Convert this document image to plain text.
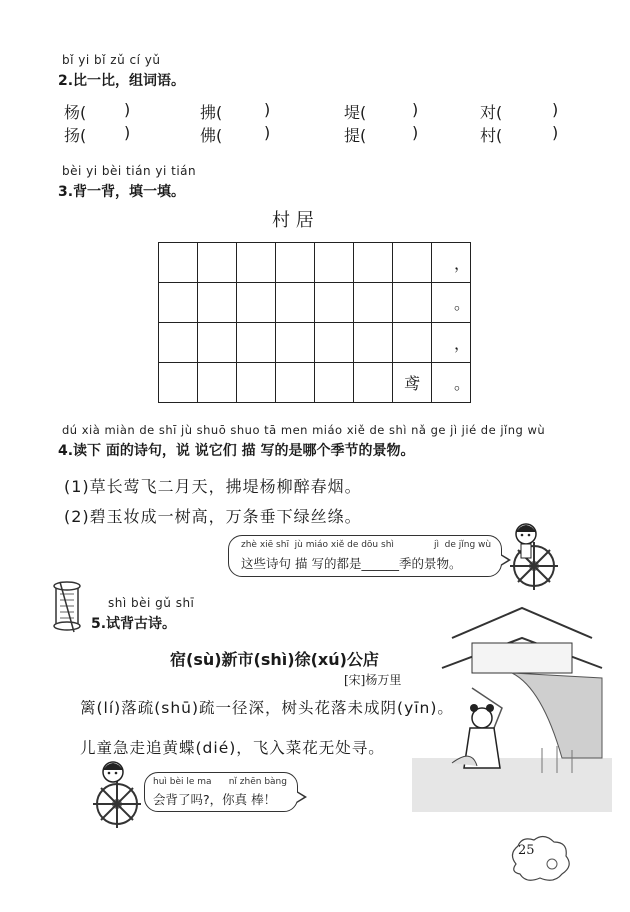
bǐ yi bǐ zǔ cí yǔ
2.比一比，组词语。
杨( )	拂(	)	堤(	)	对(	)
扬( )	佛(	)	提(	)	村(	)
bèi yi bèi tián yi tián
3.背一背，填一填。
村 居
							，
							。
							，
						鸢	。
dú xià miàn de shī jù shuō shuo tā men miáo xiě de shì nǎ ge jì jié de jǐng wù
4.读下 面的诗句，说 说它们 描 写的是哪个季节的景物。
(1)草长莺飞二月天，拂堤杨柳醉春烟。
(2)碧玉妆成一树高，万条垂下绿丝绦。
zhè xiē shī  jù miáo xiě de dōu shì              jì  de jǐng wù
这些诗句 描 写的都是______季的景物。
shì bèi gǔ shī
5.试背古诗。
宿(sù)新市(shì)徐(xú)公店
[宋]杨万里
篱(lí)落疏(shū)疏一径深，树头花落未成阴(yīn)。
儿童急走追黄蝶(dié)，飞入菜花无处寻。
huì bèi le ma      nǐ zhēn bàng
会背了吗?，你真 棒！
25
